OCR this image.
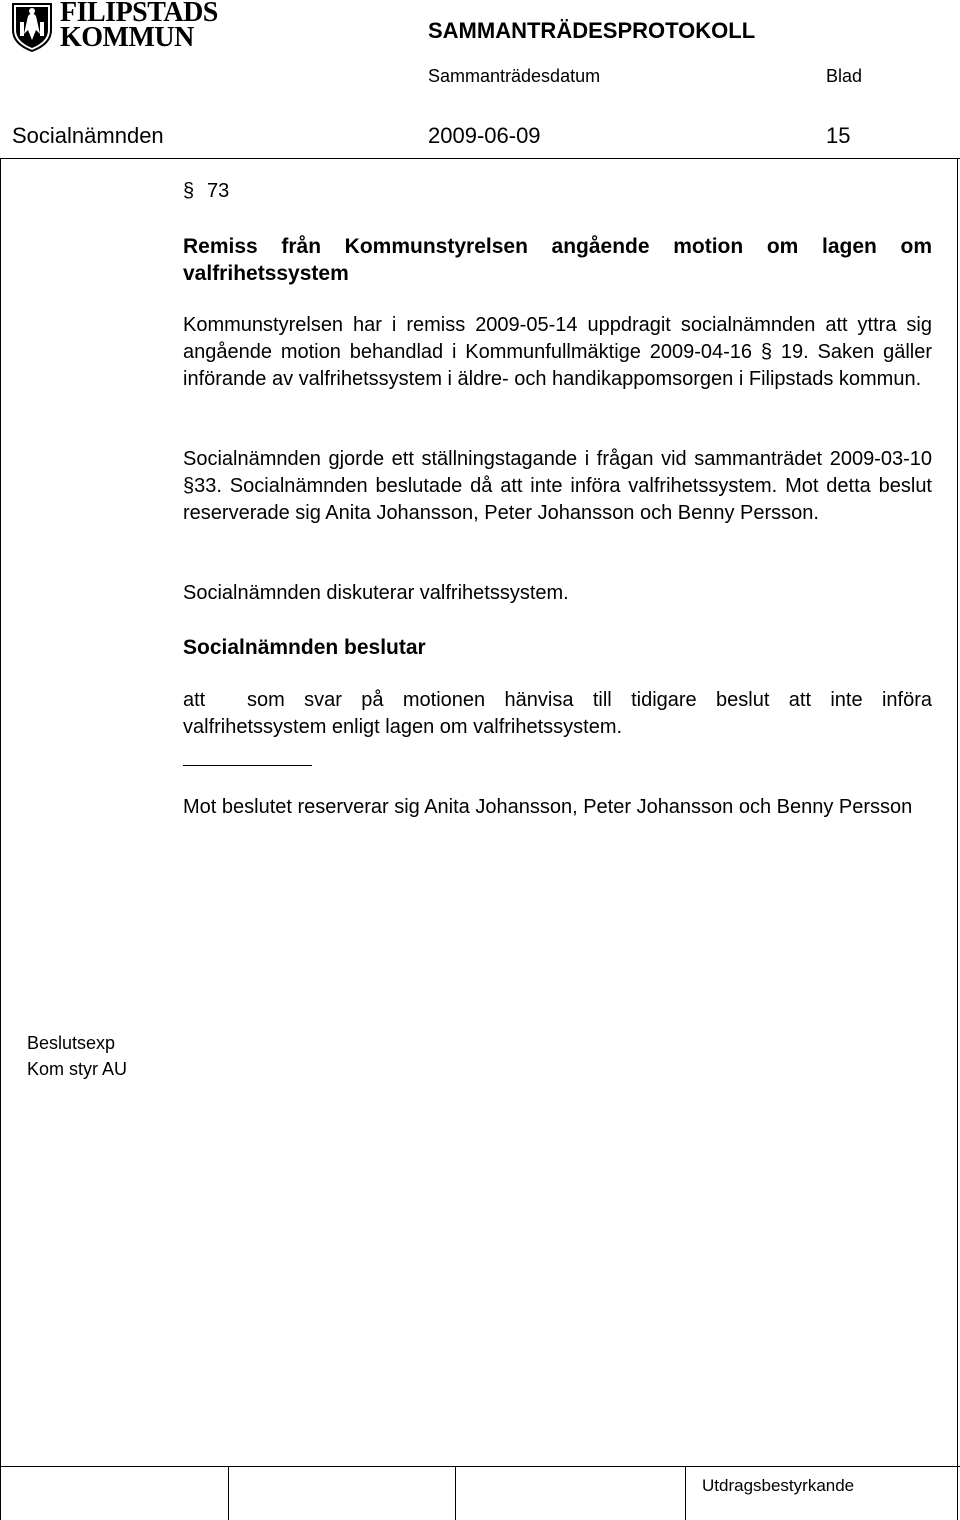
FILIPSTADS
KOMMUN	SAMMANTRÄDESPROTOKOLL
Sammanträdesdatum	Blad
Socialnämnden	2009-06-09	15
§ 73

Remiss från Kommunstyrelsen angående motion om lagen om valfrihetssystem

Kommunstyrelsen har i remiss 2009-05-14 uppdragit socialnämnden att yttra sig angående motion behandlad i Kommunfullmäktige 2009-04-16 § 19. Saken gäller införande av valfrihetssystem i äldre- och handikappomsorgen i Filipstads kommun.

Socialnämnden gjorde ett ställningstagande i frågan vid sammanträdet 2009-03-10 §33. Socialnämnden beslutade då att inte införa valfrihetssystem. Mot detta beslut reserverade sig Anita Johansson, Peter Johansson och Benny Persson.

Socialnämnden diskuterar valfrihetssystem.

Socialnämnden beslutar

att som svar på motionen hänvisa till tidigare beslut att inte införa valfrihetssystem enligt lagen om valfrihetssystem.

Mot beslutet reserverar sig Anita Johansson, Peter Johansson och Benny Persson

Beslutsexp
Kom styr AU
Utdragsbestyrkande
